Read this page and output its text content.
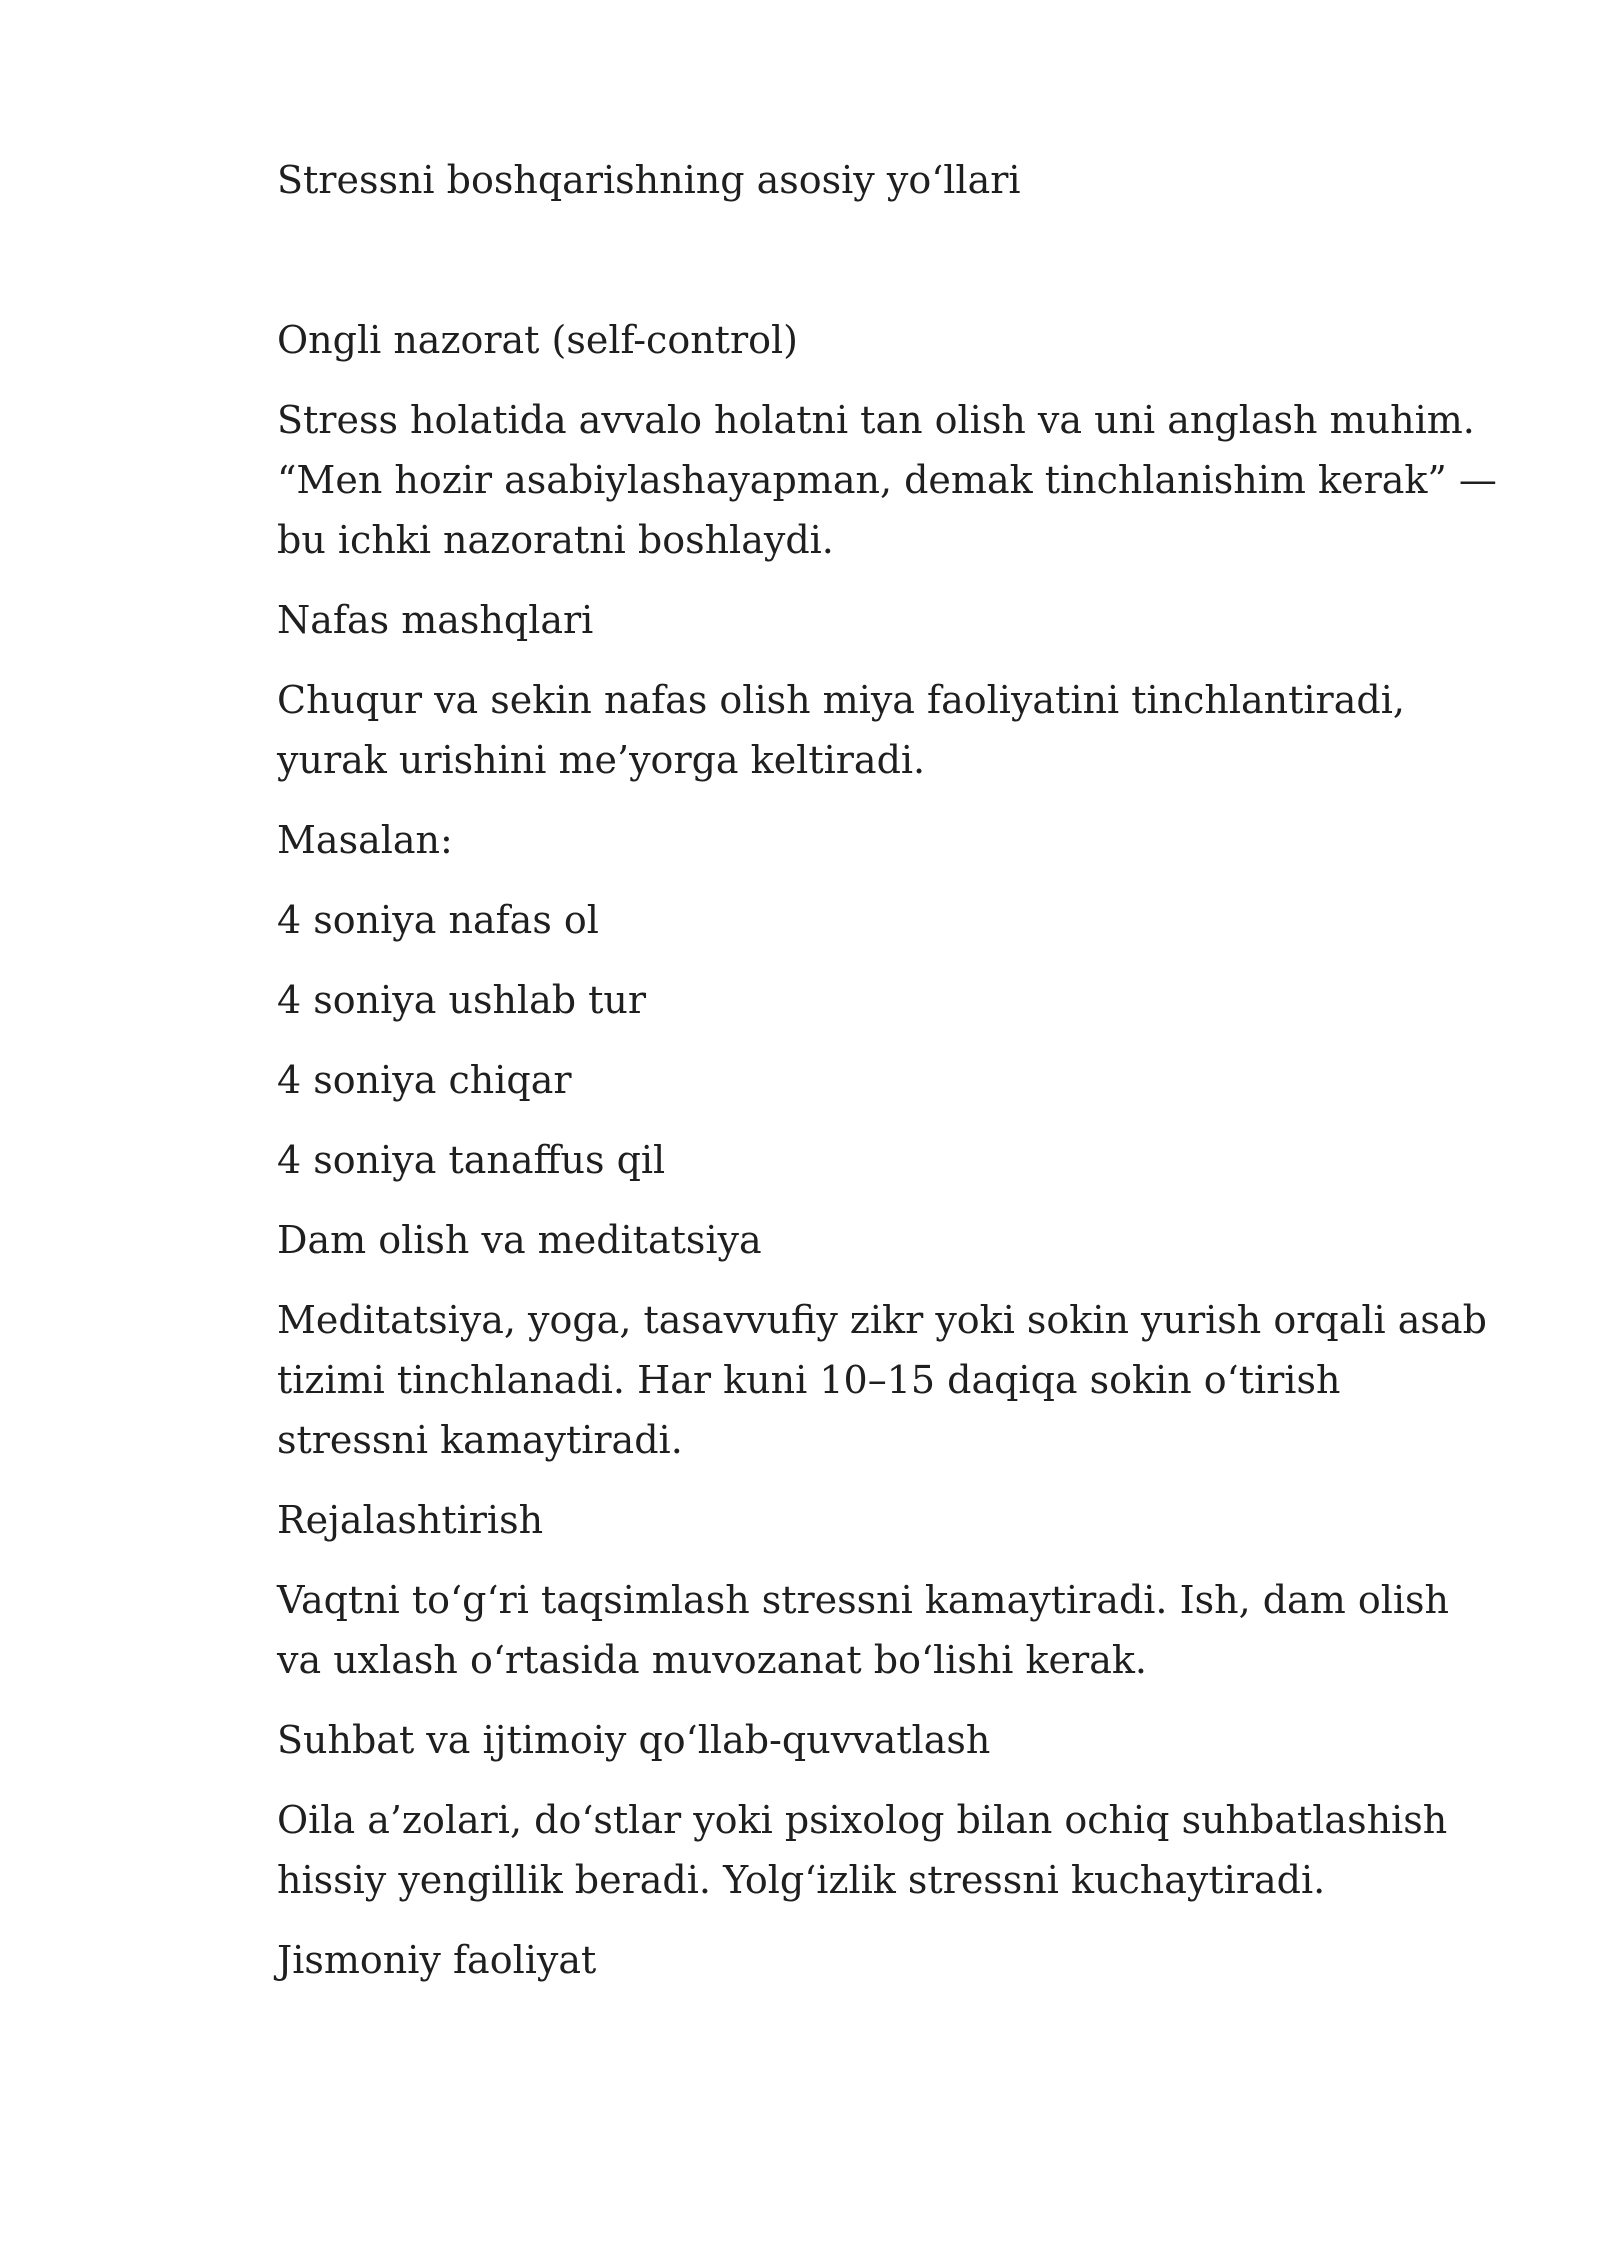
Stressni boshqarishning asosiy yo‘llari

Ongli nazorat (self-control)

Stress holatida avvalo holatni tan olish va uni anglash muhim. “Men hozir asabiylashayapman, demak tinchlanishim kerak” — bu ichki nazoratni boshlaydi.

Nafas mashqlari

Chuqur va sekin nafas olish miya faoliyatini tinchlantiradi, yurak urishini me’yorga keltiradi.

Masalan:

4 soniya nafas ol

4 soniya ushlab tur

4 soniya chiqar

4 soniya tanaffus qil

Dam olish va meditatsiya

Meditatsiya, yoga, tasavvufiy zikr yoki sokin yurish orqali asab tizimi tinchlanadi. Har kuni 10–15 daqiqa sokin o‘tirish stressni kamaytiradi.

Rejalashtirish

Vaqtni to‘g‘ri taqsimlash stressni kamaytiradi. Ish, dam olish va uxlash o‘rtasida muvozanat bo‘lishi kerak.

Suhbat va ijtimoiy qo‘llab-quvvatlash

Oila a’zolari, do‘stlar yoki psixolog bilan ochiq suhbatlashish hissiy yengillik beradi. Yolg‘izlik stressni kuchaytiradi.

Jismoniy faoliyat
